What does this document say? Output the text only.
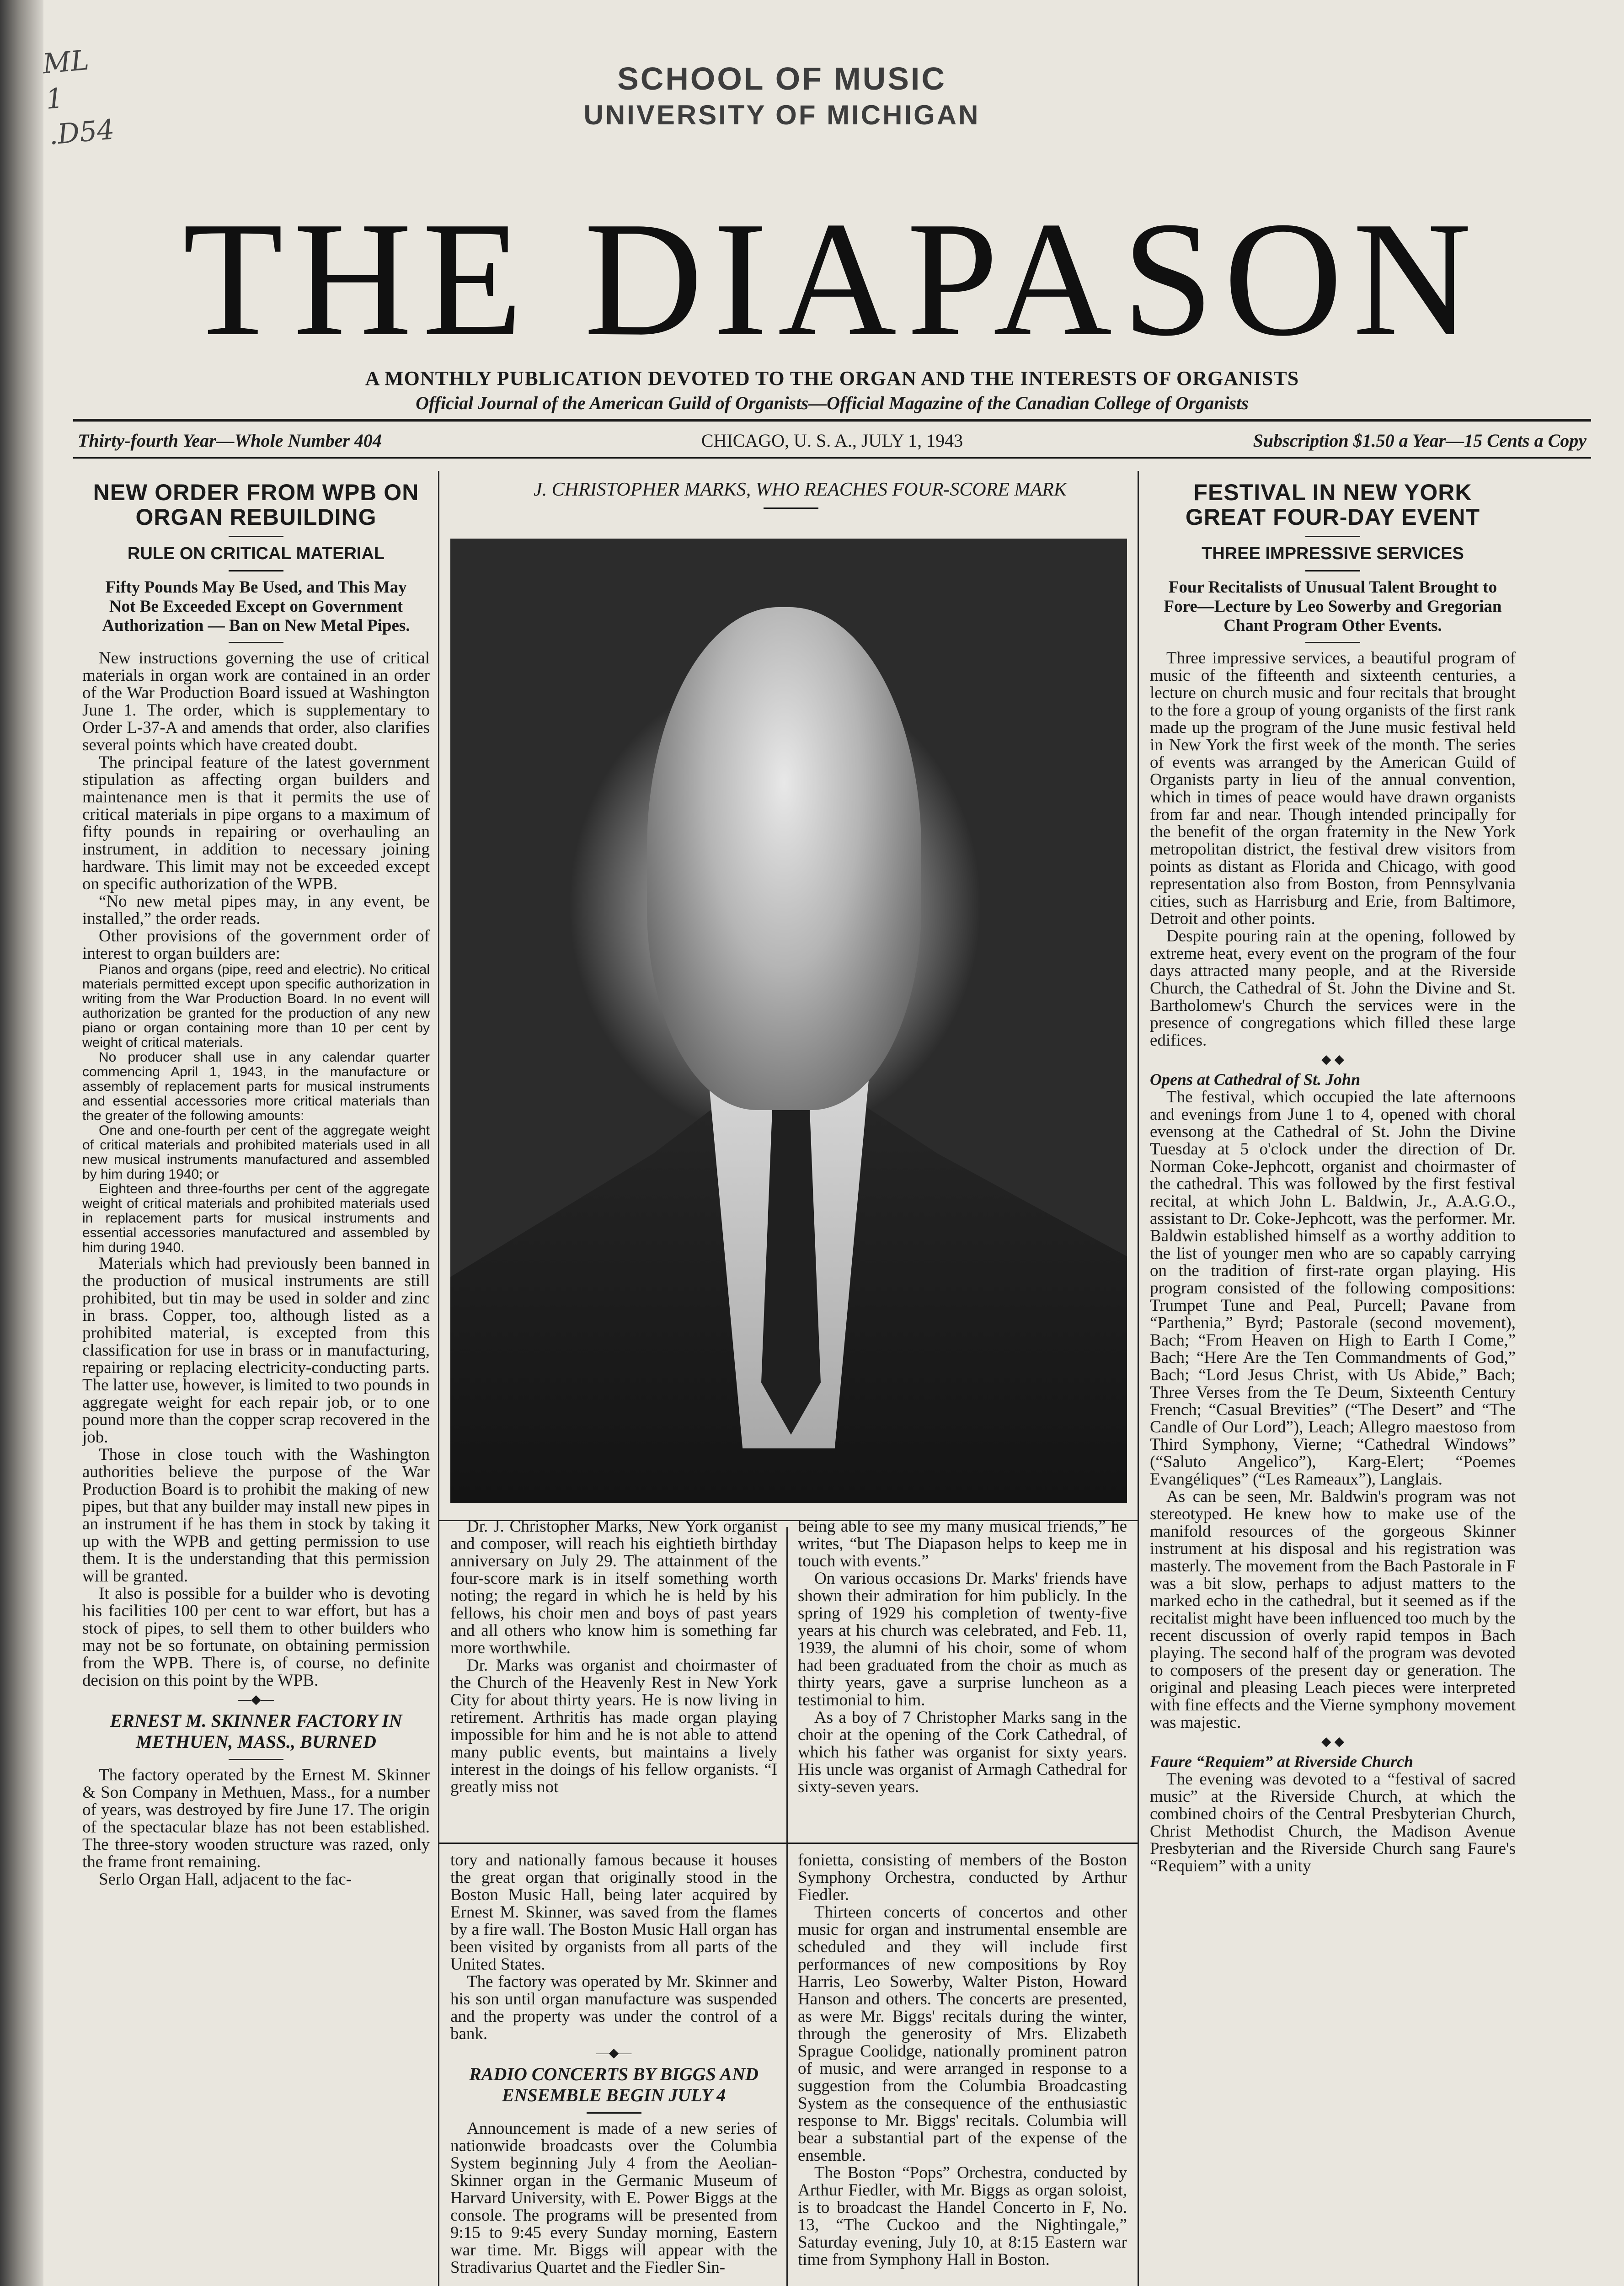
ML
1
.D54
SCHOOL OF MUSIC
UNIVERSITY OF MICHIGAN
THE DIAPASON
A MONTHLY PUBLICATION DEVOTED TO THE ORGAN AND THE INTERESTS OF ORGANISTS
Official Journal of the American Guild of Organists—Official Magazine of the Canadian College of Organists
CHICAGO, U. S. A., JULY 1, 1943
Thirty-fourth Year—Whole Number 404	Subscription $1.50 a Year—15 Cents a Copy
NEW ORDER FROM WPB ON ORGAN REBUILDING
RULE ON CRITICAL MATERIAL
Fifty Pounds May Be Used, and This May Not Be Exceeded Except on Government Authorization — Ban on New Metal Pipes.

New instructions governing the use of critical materials in organ work are contained in an order of the War Production Board issued at Washington June 1. The order, which is supplementary to Order L-37-A and amends that order, also clarifies several points which have created doubt.

The principal feature of the latest government stipulation as affecting organ builders and maintenance men is that it permits the use of critical materials in pipe organs to a maximum of fifty pounds in repairing or overhauling an instrument, in addition to necessary joining hardware. This limit may not be exceeded except on specific authorization of the WPB.

“No new metal pipes may, in any event, be installed,” the order reads.

Other provisions of the government order of interest to organ builders are:

Pianos and organs (pipe, reed and electric). No critical materials permitted except upon specific authorization in writing from the War Production Board. In no event will authorization be granted for the production of any new piano or organ containing more than 10 per cent by weight of critical materials.

No producer shall use in any calendar quarter commencing April 1, 1943, in the manufacture or assembly of replacement parts for musical instruments and essential accessories more critical materials than the greater of the following amounts:

One and one-fourth per cent of the aggregate weight of critical materials and prohibited materials used in all new musical instruments manufactured and assembled by him during 1940; or

Eighteen and three-fourths per cent of the aggregate weight of critical materials and prohibited materials used in replacement parts for musical instruments and essential accessories manufactured and assembled by him during 1940.

Materials which had previously been banned in the production of musical instruments are still prohibited, but tin may be used in solder and zinc in brass. Copper, too, although listed as a prohibited material, is excepted from this classification for use in brass or in manufacturing, repairing or replacing electricity-conducting parts. The latter use, however, is limited to two pounds in aggregate weight for each repair job, or to one pound more than the copper scrap recovered in the job.

Those in close touch with the Washington authorities believe the purpose of the War Production Board is to prohibit the making of new pipes, but that any builder may install new pipes in an instrument if he has them in stock by taking it up with the WPB and getting permission to use them. It is the understanding that this permission will be granted.

It also is possible for a builder who is devoting his facilities 100 per cent to war effort, but has a stock of pipes, to sell them to other builders who may not be so fortunate, on obtaining permission from the WPB. There is, of course, no definite decision on this point by the WPB.

—◆—
ERNEST M. SKINNER FACTORY IN METHUEN, MASS., BURNED

The factory operated by the Ernest M. Skinner & Son Company in Methuen, Mass., for a number of years, was destroyed by fire June 17. The origin of the spectacular blaze has not been established. The three-story wooden structure was razed, only the frame front remaining.

Serlo Organ Hall, adjacent to the fac-

J. CHRISTOPHER MARKS, WHO REACHES FOUR-SCORE MARK

Dr. J. Christopher Marks, New York organist and composer, will reach his eightieth birthday anniversary on July 29. The attainment of the four-score mark is in itself something worth noting; the regard in which he is held by his fellows, his choir men and boys of past years and all others who know him is something far more worthwhile.

Dr. Marks was organist and choirmaster of the Church of the Heavenly Rest in New York City for about thirty years. He is now living in retirement. Arthritis has made organ playing impossible for him and he is not able to attend many public events, but maintains a lively interest in the doings of his fellow organists. “I greatly miss not

being able to see my many musical friends,” he writes, “but The Diapason helps to keep me in touch with events.”

On various occasions Dr. Marks' friends have shown their admiration for him publicly. In the spring of 1929 his completion of twenty-five years at his church was celebrated, and Feb. 11, 1939, the alumni of his choir, some of whom had been graduated from the choir as much as thirty years, gave a surprise luncheon as a testimonial to him.

As a boy of 7 Christopher Marks sang in the choir at the opening of the Cork Cathedral, of which his father was organist for sixty years. His uncle was organist of Armagh Cathedral for sixty-seven years.

tory and nationally famous because it houses the great organ that originally stood in the Boston Music Hall, being later acquired by Ernest M. Skinner, was saved from the flames by a fire wall. The Boston Music Hall organ has been visited by organists from all parts of the United States.

The factory was operated by Mr. Skinner and his son until organ manufacture was suspended and the property was under the control of a bank.

—◆—
RADIO CONCERTS BY BIGGS AND ENSEMBLE BEGIN JULY 4

Announcement is made of a new series of nationwide broadcasts over the Columbia System beginning July 4 from the Aeolian-Skinner organ in the Germanic Museum of Harvard University, with E. Power Biggs at the console. The programs will be presented from 9:15 to 9:45 every Sunday morning, Eastern war time. Mr. Biggs will appear with the Stradivarius Quartet and the Fiedler Sin-

fonietta, consisting of members of the Boston Symphony Orchestra, conducted by Arthur Fiedler.

Thirteen concerts of concertos and other music for organ and instrumental ensemble are scheduled and they will include first performances of new compositions by Roy Harris, Leo Sowerby, Walter Piston, Howard Hanson and others. The concerts are presented, as were Mr. Biggs' recitals during the winter, through the generosity of Mrs. Elizabeth Sprague Coolidge, nationally prominent patron of music, and were arranged in response to a suggestion from the Columbia Broadcasting System as the consequence of the enthusiastic response to Mr. Biggs' recitals. Columbia will bear a substantial part of the expense of the ensemble.

The Boston “Pops” Orchestra, conducted by Arthur Fiedler, with Mr. Biggs as organ soloist, is to broadcast the Handel Concerto in F, No. 13, “The Cuckoo and the Nightingale,” Saturday evening, July 10, at 8:15 Eastern war time from Symphony Hall in Boston.

FESTIVAL IN NEW YORK GREAT FOUR-DAY EVENT
THREE IMPRESSIVE SERVICES
Four Recitalists of Unusual Talent Brought to Fore—Lecture by Leo Sowerby and Gregorian Chant Program Other Events.

Three impressive services, a beautiful program of music of the fifteenth and sixteenth centuries, a lecture on church music and four recitals that brought to the fore a group of young organists of the first rank made up the program of the June music festival held in New York the first week of the month. The series of events was arranged by the American Guild of Organists party in lieu of the annual convention, which in times of peace would have drawn organists from far and near. Though intended principally for the benefit of the organ fraternity in the New York metropolitan district, the festival drew visitors from points as distant as Florida and Chicago, with good representation also from Boston, from Pennsylvania cities, such as Harrisburg and Erie, from Baltimore, Detroit and other points.

Despite pouring rain at the opening, followed by extreme heat, every event on the program of the four days attracted many people, and at the Riverside Church, the Cathedral of St. John the Divine and St. Bartholomew's Church the services were in the presence of congregations which filled these large edifices.

◆ ◆

Opens at Cathedral of St. John

The festival, which occupied the late afternoons and evenings from June 1 to 4, opened with choral evensong at the Cathedral of St. John the Divine Tuesday at 5 o'clock under the direction of Dr. Norman Coke-Jephcott, organist and choirmaster of the cathedral. This was followed by the first festival recital, at which John L. Baldwin, Jr., A.A.G.O., assistant to Dr. Coke-Jephcott, was the performer. Mr. Baldwin established himself as a worthy addition to the list of younger men who are so capably carrying on the tradition of first-rate organ playing. His program consisted of the following compositions: Trumpet Tune and Peal, Purcell; Pavane from “Parthenia,” Byrd; Pastorale (second movement), Bach; “From Heaven on High to Earth I Come,” Bach; “Here Are the Ten Commandments of God,” Bach; “Lord Jesus Christ, with Us Abide,” Bach; Three Verses from the Te Deum, Sixteenth Century French; “Casual Brevities” (“The Desert” and “The Candle of Our Lord”), Leach; Allegro maestoso from Third Symphony, Vierne; “Cathedral Windows” (“Saluto Angelico”), Karg-Elert; “Poemes Evangéliques” (“Les Rameaux”), Langlais.

As can be seen, Mr. Baldwin's program was not stereotyped. He knew how to make use of the manifold resources of the gorgeous Skinner instrument at his disposal and his registration was masterly. The movement from the Bach Pastorale in F was a bit slow, perhaps to adjust matters to the marked echo in the cathedral, but it seemed as if the recitalist might have been influenced too much by the recent discussion of overly rapid tempos in Bach playing. The second half of the program was devoted to composers of the present day or generation. The original and pleasing Leach pieces were interpreted with fine effects and the Vierne symphony movement was majestic.

◆ ◆

Faure “Requiem” at Riverside Church

The evening was devoted to a “festival of sacred music” at the Riverside Church, at which the combined choirs of the Central Presbyterian Church, Christ Methodist Church, the Madison Avenue Presbyterian and the Riverside Church sang Faure's “Requiem” with a unity
